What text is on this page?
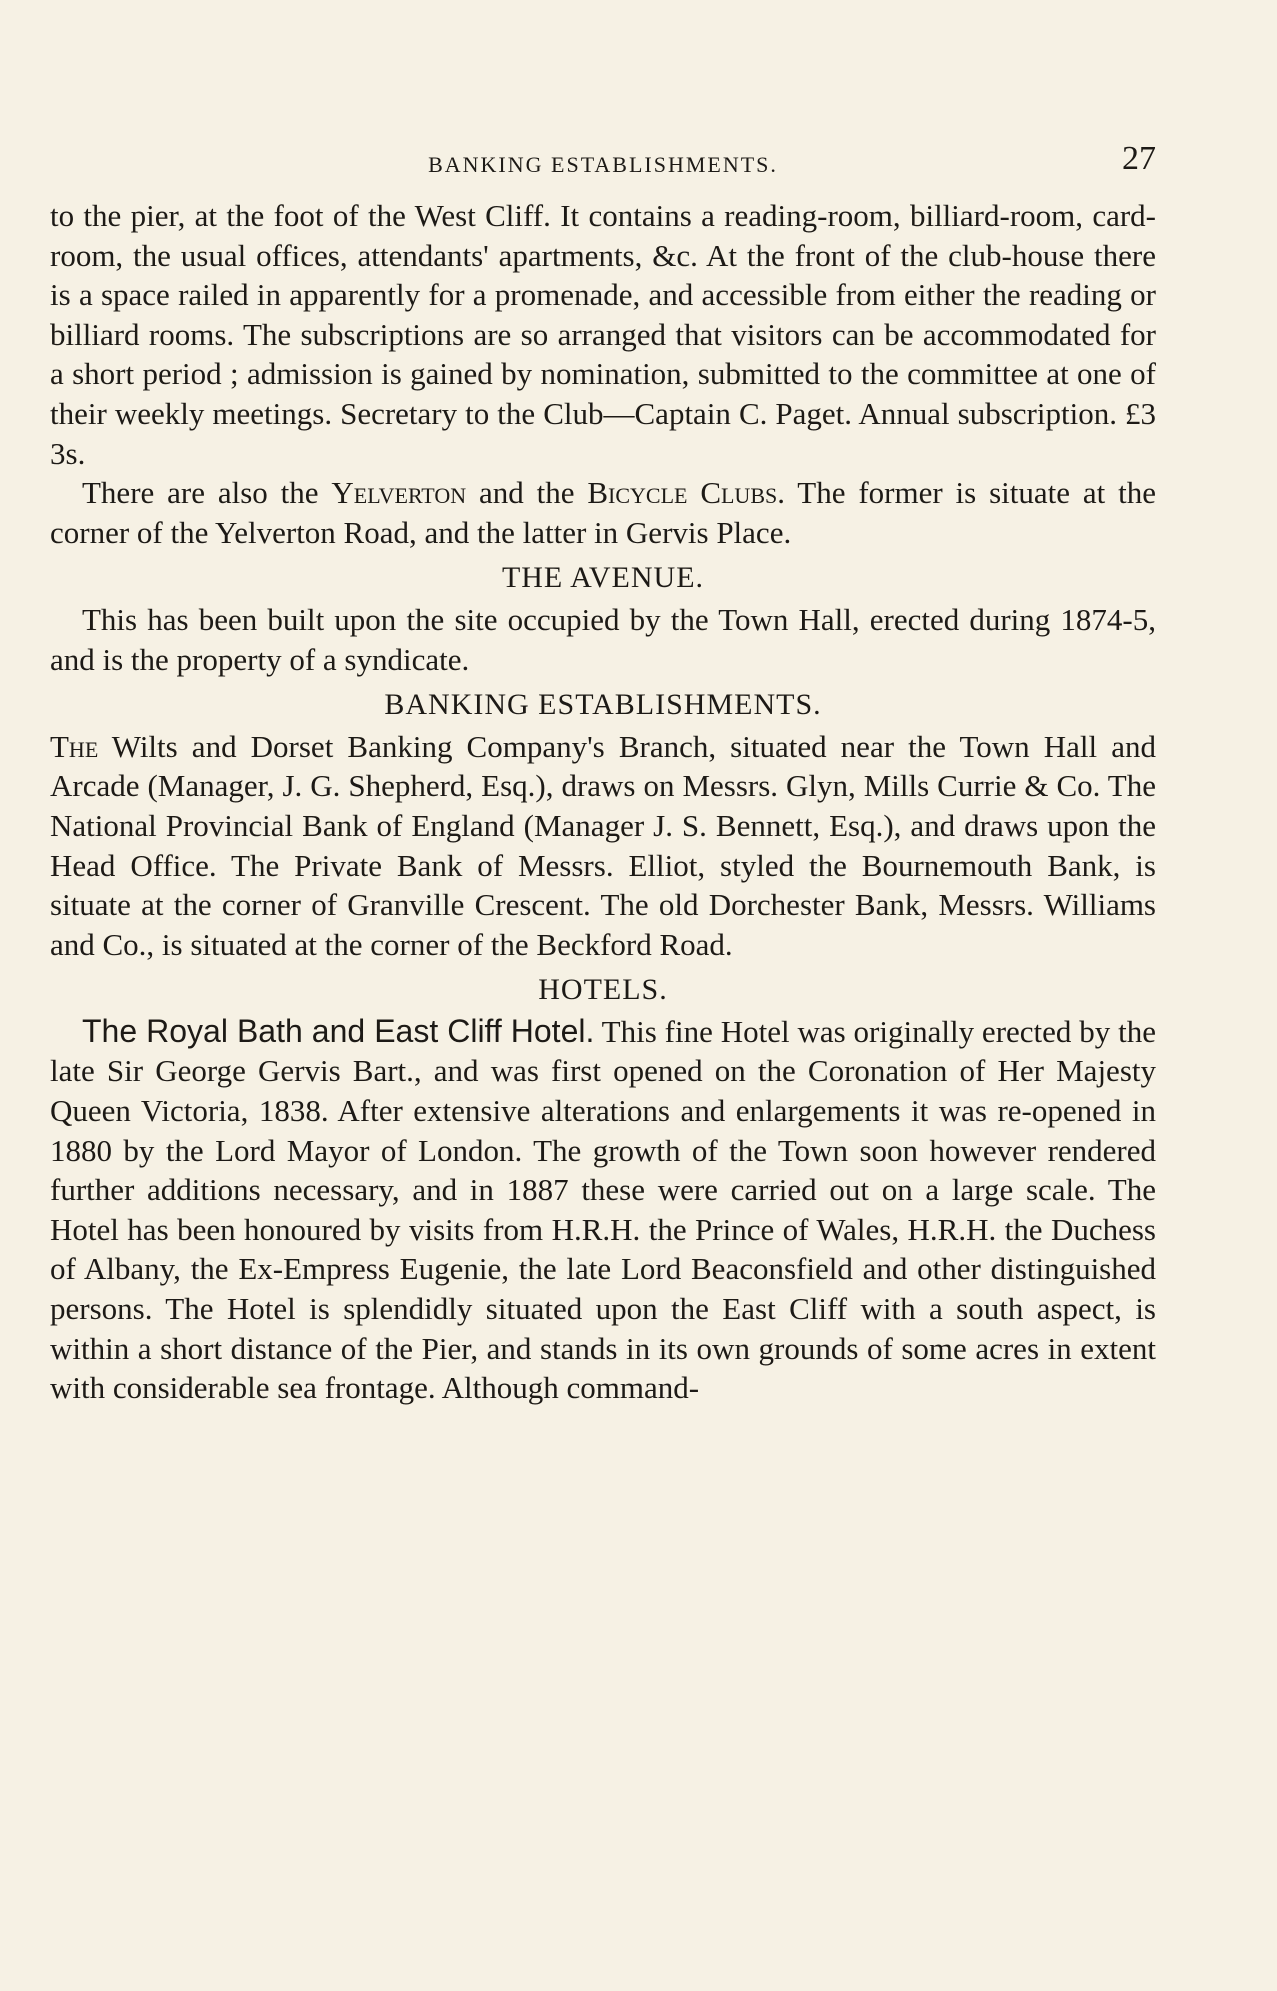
BANKING ESTABLISHMENTS.	27

to the pier, at the foot of the West Cliff. It contains a reading-room, billiard-room, card-room, the usual offices, attendants' apartments, &c. At the front of the club-house there is a space railed in apparently for a promenade, and accessible from either the reading or billiard rooms. The subscriptions are so arranged that visitors can be accommodated for a short period ; admission is gained by nomination, submitted to the committee at one of their weekly meetings. Secretary to the Club—Captain C. Paget. Annual subscription. £3 3s.

There are also the Yelverton and the Bicycle Clubs. The former is situate at the corner of the Yelverton Road, and the latter in Gervis Place.

THE AVENUE.

This has been built upon the site occupied by the Town Hall, erected during 1874-5, and is the property of a syndicate.

BANKING ESTABLISHMENTS.

The Wilts and Dorset Banking Company's Branch, situated near the Town Hall and Arcade (Manager, J. G. Shepherd, Esq.), draws on Messrs. Glyn, Mills Currie & Co. The National Provincial Bank of England (Manager J. S. Bennett, Esq.), and draws upon the Head Office. The Private Bank of Messrs. Elliot, styled the Bournemouth Bank, is situate at the corner of Granville Crescent. The old Dorchester Bank, Messrs. Williams and Co., is situated at the corner of the Beckford Road.

HOTELS.

The Royal Bath and East Cliff Hotel. This fine Hotel was originally erected by the late Sir George Gervis Bart., and was first opened on the Coronation of Her Majesty Queen Victoria, 1838. After extensive alterations and enlargements it was re-opened in 1880 by the Lord Mayor of London. The growth of the Town soon however rendered further additions necessary, and in 1887 these were carried out on a large scale. The Hotel has been honoured by visits from H.R.H. the Prince of Wales, H.R.H. the Duchess of Albany, the Ex-Empress Eugenie, the late Lord Beaconsfield and other distinguished persons. The Hotel is splendidly situated upon the East Cliff with a south aspect, is within a short distance of the Pier, and stands in its own grounds of some acres in extent with considerable sea frontage. Although command-
